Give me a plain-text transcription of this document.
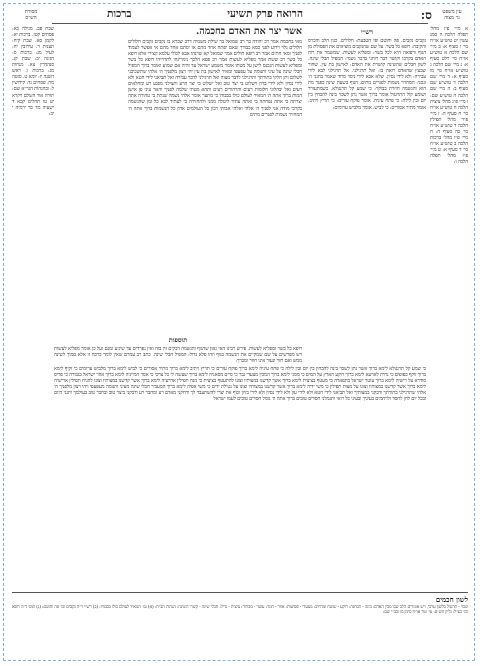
ס:
הרואה פרק תשיעי
ברכות	עין משפט
נר מצוה
מסורת
הש״ס

א מיי׳ פ״ז מהל׳ תפלה הלכה ה סמג עשין יט טוש״ע או״ח סי׳ ו סעיף א: ב מיי׳ שם הלכה א טוש״ע או״ח סי׳ רלט סעיף א: ג מיי׳ שם הלכה ג טוש״ע או״ח סי׳ מו סעיף א: ד מיי׳ שם הלכה ד טוש״ע שם סעיף ב: ה מיי׳ שם הלכה ה טוש״ע שם: ו מיי׳ פ״ג מהל׳ ציצית הלכה ח טוש״ע או״ח סי׳ ח סעיף ה: ז מיי׳ פ״ד מהל׳ תפילין הלכה ד טוש״ע או״ח סי׳ כה סעיף ה: ח מיי׳ פ״ו מהל׳ ברכות הלכה ב טוש״ע או״ח סי׳ ד סעיף א: ט מיי׳ פ״ז מהל׳ תפלה הלכה ו:

רש״י

נקבים נקבים. פה וחוטם ופי הטבעת: חלולים. כגון הלב והכרס והקיבה: רופא כל בשר. על שם שהנקבים מוציאים את הפסולת מן הגוף ורפואה היא לכל בשר: ומפליא לעשות. שמשמר את רוח האדם בקרבו וקושר דבר רוחני בדבר גשמי: המפיל חבלי שינה. לשון חבלים שהשינה קושרת את האדם: לאישון בת עין. שחור שבעין שהאדם רואה בו: ואל תרגילני. אל תרגילני לבא לידי עבירה: ולא לידי נסיון. שלא אבא לידי ניסוי כדוד שאמר בחנני ה׳ ונסני: המחזיר נשמות לפגרים מתים. הגוף בשעת שינה כפגר מת הוא והנשמה חוזרת בבוקר: כי שמע קל תרנגולא. כשמתעורר ושומע קול התרנגול אומר ברוך אשר נתן לשכוי בינה להבחין בין יום ובין לילה: כי פתח עיניה. אומר פוקח עורים: כי תריץ ויתיב. אומר מתיר אסורים: כי לביש. אומר מלביש ערומים:

אשר יצר את האדם בחכמה.

מאי בחכמה אמר רב יהודה בר רב שמואל בר שילת משמיה דרב שברא בו נקבים נקבים חלולים חלולים גלוי וידוע לפני כסא כבודך שאם יפתח אחד מהם או יסתם אחד מהם אי אפשר לעמוד לפניך ומאי חתים אמר רב רופא חולים אמר שמואל קא שוינהו אבא לכולי עלמא קצירי אלא רופא כל בשר רב ששת אמר מפליא לעשות אמר רב פפא הלכך נימרינהו לתרוייהו רופא כל בשר ומפליא לעשות הנכנס לישן על מטתו אומר משמע ישראל עד והיה אם שמוע ואומר ברוך המפיל חבלי שינה על עיני ותנומה על עפעפי ומאיר לאישון בת עין יהי רצון מלפניך ה׳ אלהי שתשכיבני לשלום ותן חלקי בתורתך ותרגילני לדבר מצוה ואל תרגילני לדבר עבירה ואל תביאני לידי חטא ולא לידי נסיון ולא לידי בזיון וישלוט בי יצר טוב ואל ישלוט בי יצר הרע ותצילני מפגע רע ומחלאים רעים ואל יבהלוני חלומות רעים והרהורים רעים ותהא מטתי שלמה לפניך והאר עיני פן אישן המות ברוך אתה ה׳ המאיר לעולם כולו בכבודו כי מתער אומר אלהי נשמה שנתת בי טהורה אתה יצרתה בי אתה נפחתה בי ואתה עתיד ליטלה ממני ולהחזירה בי לעתיד לבא כל זמן שהנשמה בקרבי מודה אני לפניך ה׳ אלהי ואלהי אבותי רבון כל העולמים אדון כל הנשמות ברוך אתה ה׳ המחזיר נשמות לפגרים מתים

תוספות

רופא כל בשר ומפליא לעשות. פירש רבינו האי גאון שהגוף והנשמה דבקים זה בזה ואין נפרדים עד שיגיע זמנם ועל כן אומר מפליא לעשות ויש מפרשים על שם שמקיים את הנשמה בגוף וזהו פלא גדול: המפיל חבלי שינה. כתב רב עמרם שאין לומר ברכה זו אלא סמוך לשינה ממש ואם חזר ונעור אינו חוזר ומברך:

שבת פב. מגילה כא: פסחים קטז. ברכות יא: לקמן סא. שבת קיח: תענית ד. עירובין יח: לעיל מג: ברכות ס: חגיגה יב: שבת קנ. סנהדרין צא. מנחות מג: ברכות ו. ראש השנה יז: יומא ט. סוטה מח. פסחים נד: קידושין ל: ובהגהות הגר״א שם: תורה אור השלם ויקרא יט טו תהלים קכא ד ישעיה מד כד ירמיה י יב:

כי שמע קל תרנגולא לימא ברוך אשר נתן לשכוי בינה להבחין בין יום ובין לילה כי פתח עיניה לימא ברוך פוקח עורים כי תריץ ויתיב לימא ברוך מתיר אסורים כי לביש לימא ברוך מלביש ערומים כי זקיף לימא ברוך זוקף כפופים כי נחית לארעא לימא ברוך רוקע הארץ על המים כי מסגי לימא ברוך המכין מצעדי גבר כי סיים מסאניה לימא ברוך שעשה לי כל צרכי כי אסר המייניה לימא ברוך אוזר ישראל בגבורה כי פריס סודרא על רישיה לימא ברוך עוטר ישראל בתפארה כי מעטף בציצית לימא ברוך אשר קדשנו במצותיו וצונו להתעטף בציצית כי מנח תפילין אדרעיה לימא ברוך אשר קדשנו במצותיו וצונו להניח תפילין ארישיה לימא ברוך אשר קדשנו במצותיו וצונו על מצות תפילין כי משי ידיה לימא ברוך אשר קדשנו במצותיו וצונו על נטילת ידים כי משי אפיה לימא ברוך המעביר חבלי שינה מעיני ותנומה מעפעפי ויהי רצון מלפניך ה׳ אלהי שתרגילני בתורתך ודבקני במצותיך ואל תביאני לידי חטא ולא לידי עון ולא לידי נסיון ולא לידי בזיון וכוף את יצרי להשתעבד לך ורחקני מאדם רע ומחבר רע ודבקני ביצר טוב ובחבר טוב בעולמך ותנני היום ובכל יום לחן לחסד ולרחמים בעיניך ובעיני כל רואי ותגמלני חסדים טובים ברוך אתה ה׳ גומל חסדים טובים לעמו ישראל

לשון חכמים

שכוי - תרנגול בלשון ערבי, ויש אומרים הלב שבו מבין האדם: בינה - הבחנה: רוקע - שוטח ומרחיב: מצעדי - פסיעות: אוזר - חוגר: עוטר - מכתיר: ציצית - גדיל: חבלי שינה - קשרי השינה: הגהות הב״ח: (א) גמ׳ המאיר לעולם כולו בכבודו: (ב) רש״י ד״ה נקבים וכו׳ פה וחוטם: (ג) תוס׳ ד״ה רופא וכו׳ כצ״ל: גליון הש״ס: עי׳ טור או״ח סימן מו ובב״י שם:
